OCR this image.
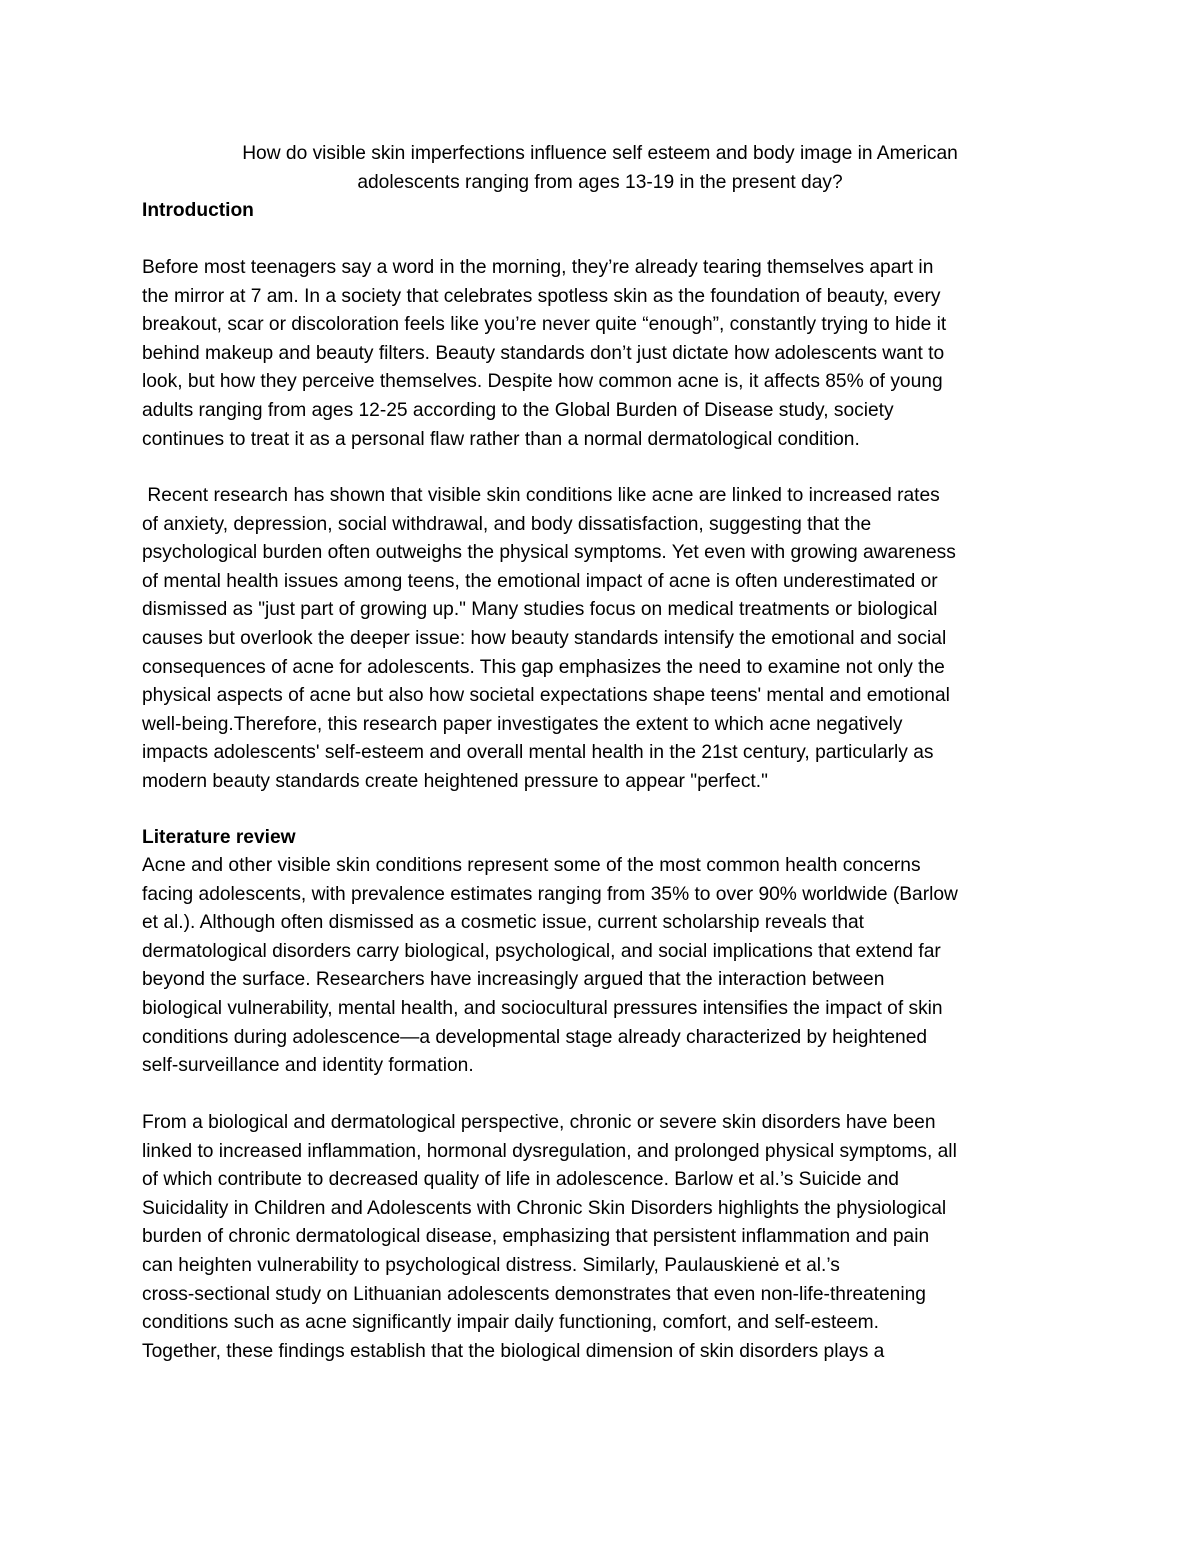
How do visible skin imperfections influence self esteem and body image in American
adolescents ranging from ages 13-19 in the present day?
Introduction
Before most teenagers say a word in the morning, they’re already tearing themselves apart in
the mirror at 7 am. In a society that celebrates spotless skin as the foundation of beauty, every
breakout, scar or discoloration feels like you’re never quite “enough”, constantly trying to hide it
behind makeup and beauty filters. Beauty standards don’t just dictate how adolescents want to
look, but how they perceive themselves. Despite how common acne is, it affects 85% of young
adults ranging from ages 12-25 according to the Global Burden of Disease study, society
continues to treat it as a personal flaw rather than a normal dermatological condition.
Recent research has shown that visible skin conditions like acne are linked to increased rates
of anxiety, depression, social withdrawal, and body dissatisfaction, suggesting that the
psychological burden often outweighs the physical symptoms. Yet even with growing awareness
of mental health issues among teens, the emotional impact of acne is often underestimated or
dismissed as "just part of growing up." Many studies focus on medical treatments or biological
causes but overlook the deeper issue: how beauty standards intensify the emotional and social
consequences of acne for adolescents. This gap emphasizes the need to examine not only the
physical aspects of acne but also how societal expectations shape teens' mental and emotional
well-being.Therefore, this research paper investigates the extent to which acne negatively
impacts adolescents' self-esteem and overall mental health in the 21st century, particularly as
modern beauty standards create heightened pressure to appear "perfect."
Literature review
Acne and other visible skin conditions represent some of the most common health concerns
facing adolescents, with prevalence estimates ranging from 35% to over 90% worldwide (Barlow
et al.). Although often dismissed as a cosmetic issue, current scholarship reveals that
dermatological disorders carry biological, psychological, and social implications that extend far
beyond the surface. Researchers have increasingly argued that the interaction between
biological vulnerability, mental health, and sociocultural pressures intensifies the impact of skin
conditions during adolescence—a developmental stage already characterized by heightened
self-surveillance and identity formation.
From a biological and dermatological perspective, chronic or severe skin disorders have been
linked to increased inflammation, hormonal dysregulation, and prolonged physical symptoms, all
of which contribute to decreased quality of life in adolescence. Barlow et al.’s Suicide and
Suicidality in Children and Adolescents with Chronic Skin Disorders highlights the physiological
burden of chronic dermatological disease, emphasizing that persistent inflammation and pain
can heighten vulnerability to psychological distress. Similarly, Paulauskienė et al.’s
cross-sectional study on Lithuanian adolescents demonstrates that even non-life-threatening
conditions such as acne significantly impair daily functioning, comfort, and self-esteem.
Together, these findings establish that the biological dimension of skin disorders plays a
